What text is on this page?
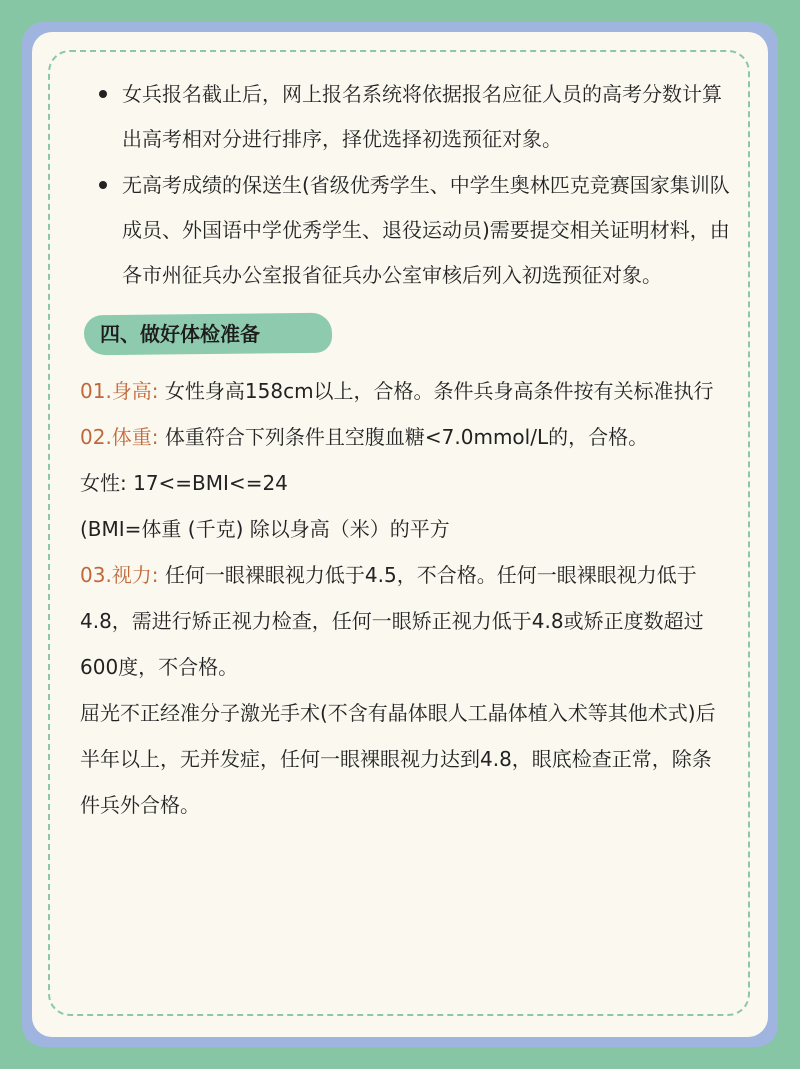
女兵报名截止后，网上报名系统将依据报名应征人员的高考分数计算出高考相对分进行排序，择优选择初选预征对象。
无高考成绩的保送生(省级优秀学生、中学生奥林匹克竞赛国家集训队成员、外国语中学优秀学生、退役运动员)需要提交相关证明材料，由各市州征兵办公室报省征兵办公室审核后列入初选预征对象。
四、做好体检准备

01.身高: 女性身高158cm以上，合格。条件兵身高条件按有关标准执行

02.体重: 体重符合下列条件且空腹血糖<7.0mmol/L的，合格。

女性: 17<=BMI<=24

(BMI=体重 (千克) 除以身高（米）的平方

03.视力: 任何一眼裸眼视力低于4.5，不合格。任何一眼裸眼视力低于4.8，需进行矫正视力检查，任何一眼矫正视力低于4.8或矫正度数超过600度，不合格。

屈光不正经准分子激光手术(不含有晶体眼人工晶体植入术等其他术式)后半年以上，无并发症，任何一眼裸眼视力达到4.8，眼底检查正常，除条件兵外合格。
